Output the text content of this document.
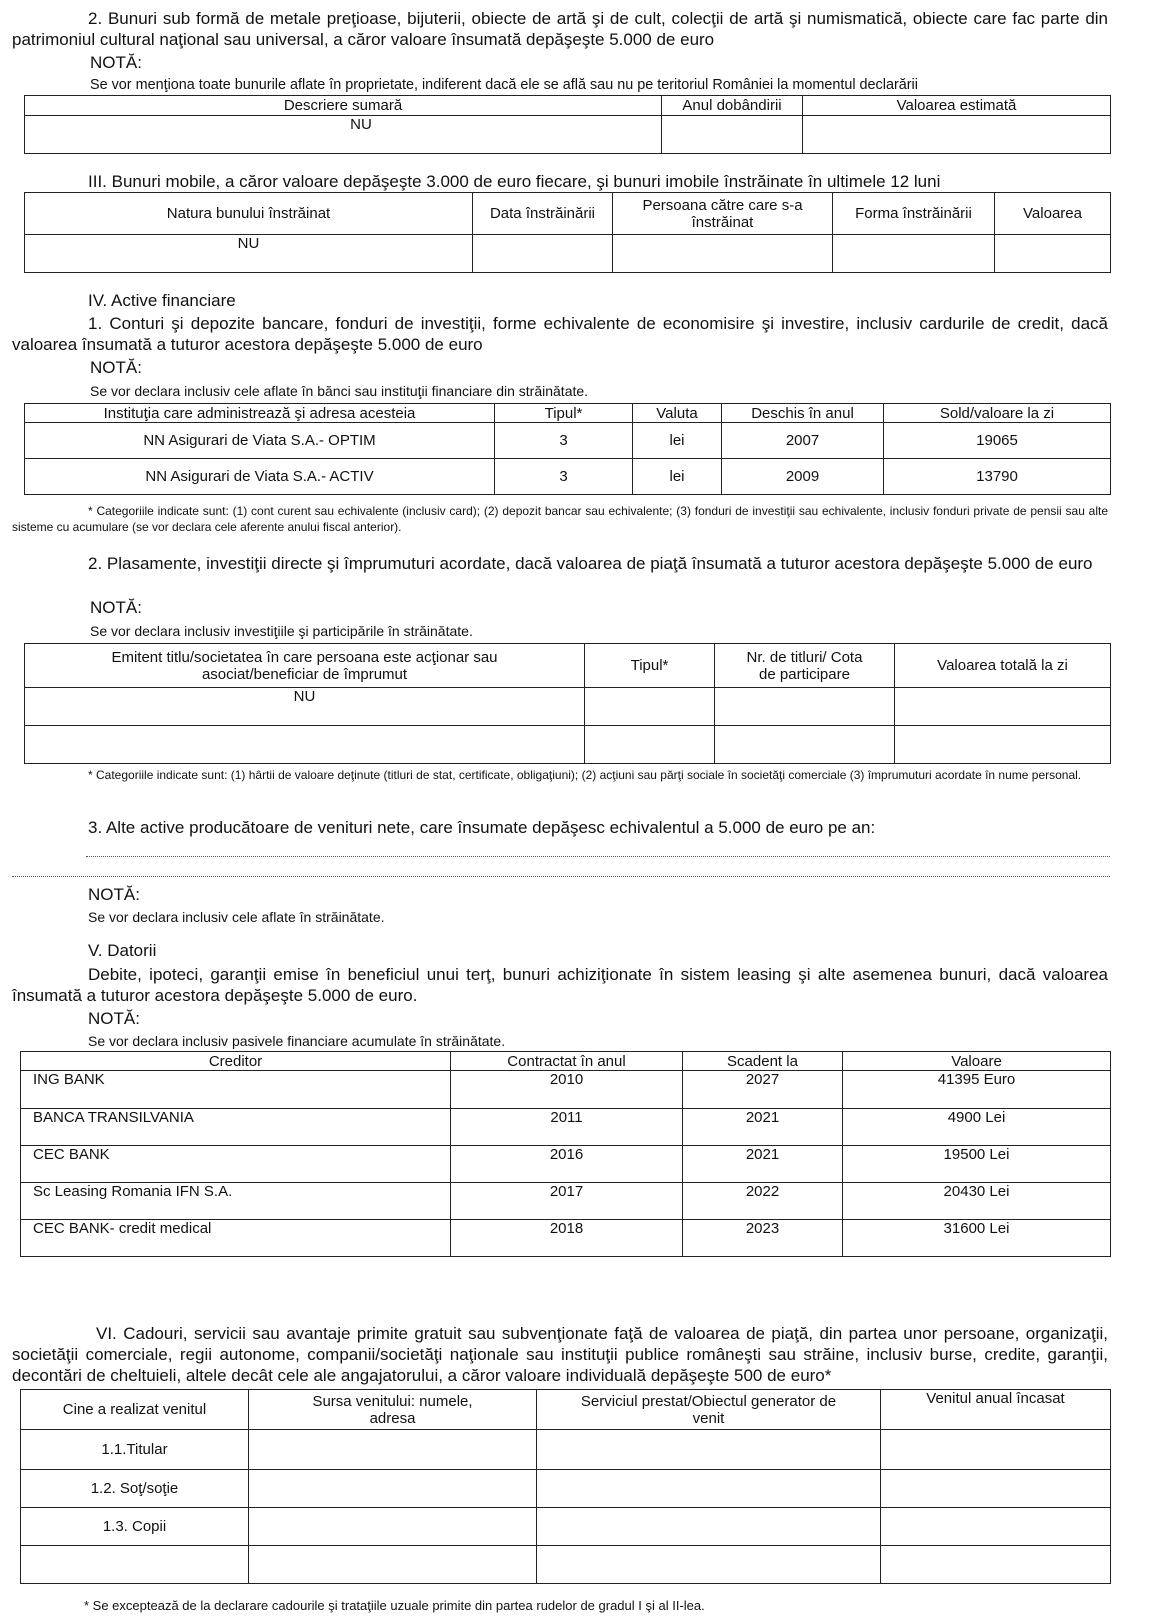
2. Bunuri sub formă de metale preţioase, bijuterii, obiecte de artă şi de cult, colecţii de artă şi numismatică, obiecte care fac parte din patrimoniul cultural naţional sau universal, a căror valoare însumată depăşeşte 5.000 de euro
NOTĂ:
Se vor menţiona toate bunurile aflate în proprietate, indiferent dacă ele se află sau nu pe teritoriul României la momentul declarării
Descriere sumară	Anul dobândirii	Valoarea estimată
NU		
III. Bunuri mobile, a căror valoare depăşeşte 3.000 de euro fiecare, şi bunuri imobile înstrăinate în ultimele 12 luni
Natura bunului înstrăinat	Data înstrăinării	Persoana către care s-a înstrăinat	Forma înstrăinării	Valoarea
NU				
IV. Active financiare
1. Conturi şi depozite bancare, fonduri de investiţii, forme echivalente de economisire şi investire, inclusiv cardurile de credit, dacă valoarea însumată a tuturor acestora depăşeşte 5.000 de euro
NOTĂ:
Se vor declara inclusiv cele aflate în bănci sau instituţii financiare din străinătate.
Instituţia care administrează şi adresa acesteia	Tipul*	Valuta	Deschis în anul	Sold/valoare la zi
NN Asigurari de Viata S.A.- OPTIM	3	lei	2007	19065
NN Asigurari de Viata S.A.- ACTIV	3	lei	2009	13790
* Categoriile indicate sunt: (1) cont curent sau echivalente (inclusiv card); (2) depozit bancar sau echivalente; (3) fonduri de investiţii sau echivalente, inclusiv fonduri private de pensii sau alte sisteme cu acumulare (se vor declara cele aferente anului fiscal anterior).
2. Plasamente, investiţii directe şi împrumuturi acordate, dacă valoarea de piaţă însumată a tuturor acestora depăşeşte 5.000 de euro
NOTĂ:
Se vor declara inclusiv investiţiile şi participările în străinătate.
Emitent titlu/societatea în care persoana este acţionar sau asociat/beneficiar de împrumut	Tipul*	Nr. de titluri/ Cota de participare	Valoarea totală la zi
NU			

* Categoriile indicate sunt: (1) hârtii de valoare deţinute (titluri de stat, certificate, obligaţiuni); (2) acţiuni sau părţi sociale în societăţi comerciale (3) împrumuturi acordate în nume personal.
3. Alte active producătoare de venituri nete, care însumate depăşesc echivalentul a 5.000 de euro pe an:
NOTĂ:
Se vor declara inclusiv cele aflate în străinătate.
V. Datorii
Debite, ipoteci, garanţii emise în beneficiul unui terţ, bunuri achiziţionate în sistem leasing şi alte asemenea bunuri, dacă valoarea însumată a tuturor acestora depăşeşte 5.000 de euro.
NOTĂ:
Se vor declara inclusiv pasivele financiare acumulate în străinătate.
Creditor	Contractat în anul	Scadent la	Valoare
ING BANK	2010	2027	41395 Euro
BANCA TRANSILVANIA	2011	2021	4900 Lei
CEC BANK	2016	2021	19500 Lei
Sc Leasing Romania IFN S.A.	2017	2022	20430 Lei
CEC BANK- credit medical	2018	2023	31600 Lei
VI. Cadouri, servicii sau avantaje primite gratuit sau subvenţionate faţă de valoarea de piaţă, din partea unor persoane, organizaţii, societăţii comerciale, regii autonome, companii/societăţi naţionale sau instituţii publice româneşti sau străine, inclusiv burse, credite, garanţii, decontări de cheltuieli, altele decât cele ale angajatorului, a căror valoare individuală depăşeşte 500 de euro*
Cine a realizat venitul	Sursa venitului: numele, adresa	Serviciul prestat/Obiectul generator de venit	Venitul anual încasat
1.1.Titular			
1.2. Soţ/soţie			
1.3. Copii			

* Se exceptează de la declarare cadourile şi trataţiile uzuale primite din partea rudelor de gradul I şi al II-lea.
